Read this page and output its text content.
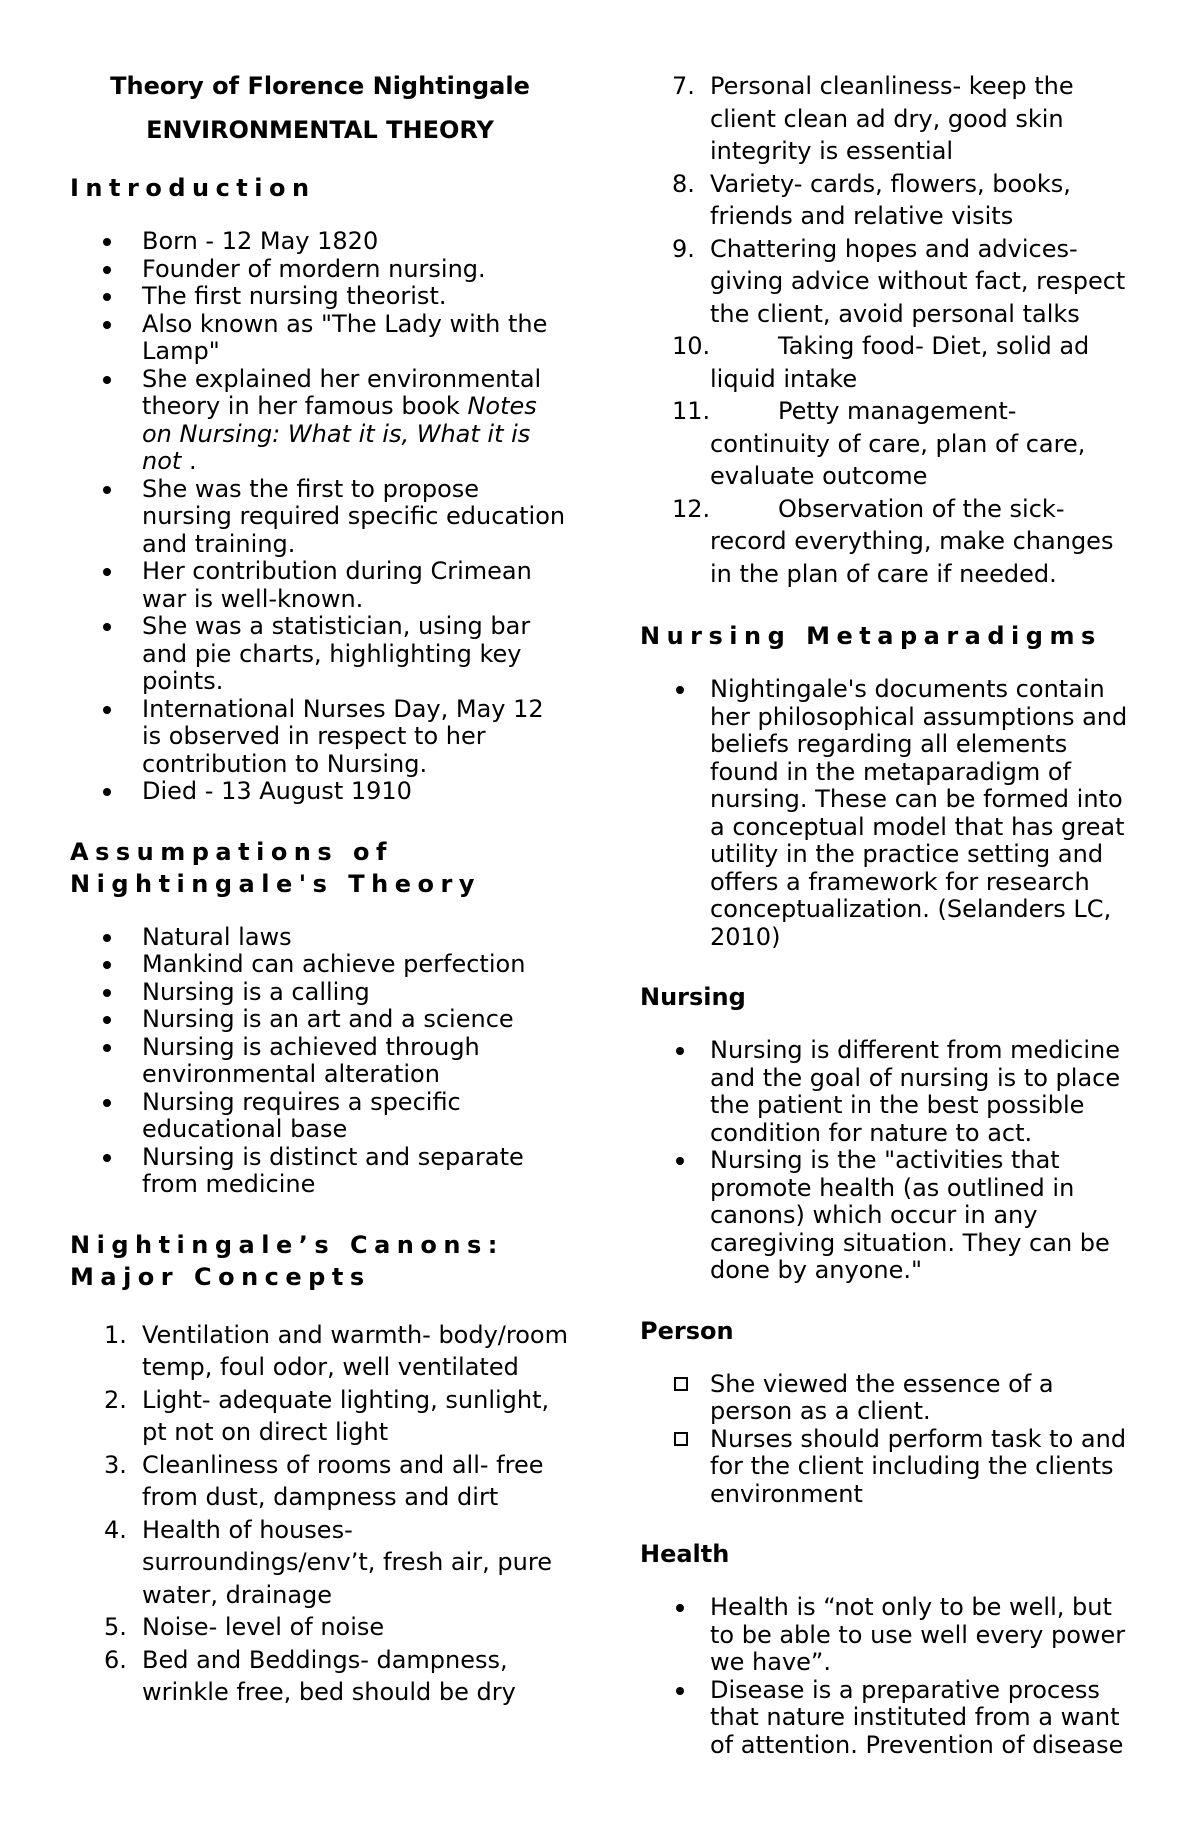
Theory of Florence Nightingale
ENVIRONMENTAL THEORY
Introduction
Born - 12 May 1820
Founder of mordern nursing.
The first nursing theorist.
Also known as "The Lady with the Lamp"
She explained her environmental theory in her famous book Notes on Nursing: What it is, What it is not .
She was the first to propose nursing required specific education and training.
Her contribution during Crimean war is well-known.
She was a statistician, using bar and pie charts, highlighting key points.
International Nurses Day, May 12 is observed in respect to her contribution to Nursing.
Died - 13 August 1910
Assumpations of
Nightingale's Theory
Natural laws
Mankind can achieve perfection
Nursing is a calling
Nursing is an art and a science
Nursing is achieved through environmental alteration
Nursing requires a specific educational base
Nursing is distinct and separate from medicine
Nightingale’s Canons:
Major Concepts
1. Ventilation and warmth- body/room temp, foul odor, well ventilated
2. Light- adequate lighting, sunlight, pt not on direct light
3. Cleanliness of rooms and all- free from dust, dampness and dirt
4. Health of houses- surroundings/env’t, fresh air, pure water, drainage
5. Noise- level of noise
6. Bed and Beddings- dampness, wrinkle free, bed should be dry
7. Personal cleanliness- keep the client clean ad dry, good skin integrity is essential
8. Variety- cards, flowers, books, friends and relative visits
9. Chattering hopes and advices- giving advice without fact, respect the client, avoid personal talks
10.	Taking food- Diet, solid ad liquid intake
11.	Petty management- continuity of care, plan of care, evaluate outcome
12.	Observation of the sick- record everything, make changes in the plan of care if needed.
Nursing Metaparadigms
Nightingale's documents contain her philosophical assumptions and beliefs regarding all elements found in the metaparadigm of nursing. These can be formed into a conceptual model that has great utility in the practice setting and offers a framework for research conceptualization. (Selanders LC, 2010)
Nursing
Nursing is different from medicine and the goal of nursing is to place the patient in the best possible condition for nature to act.
Nursing is the "activities that promote health (as outlined in canons) which occur in any caregiving situation. They can be done by anyone."
Person
She viewed the essence of a person as a client.
Nurses should perform task to and for the client including the clients environment
Health
Health is “not only to be well, but to be able to use well every power we have”.
Disease is a preparative process that nature instituted from a want of attention. Prevention of disease
